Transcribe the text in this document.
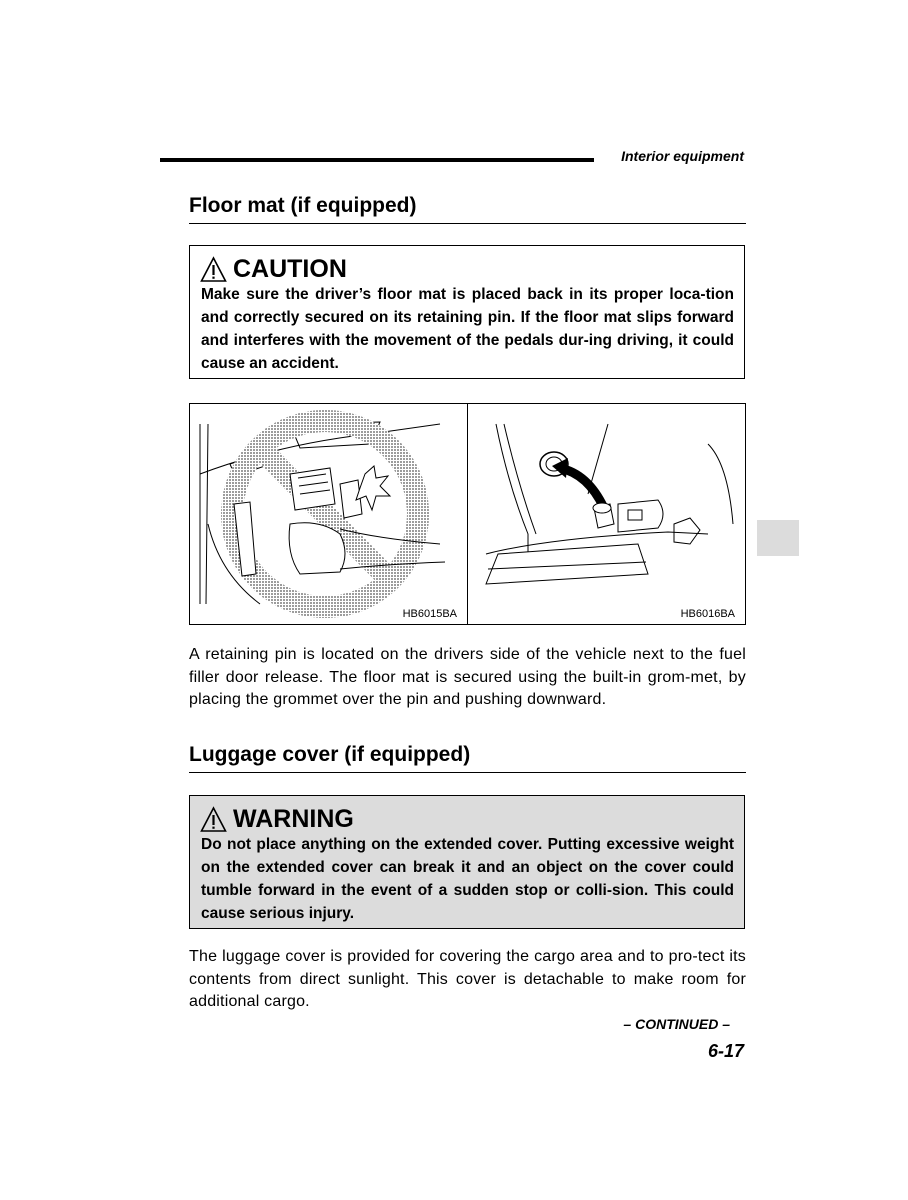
Interior equipment
Floor mat (if equipped)
CAUTION
Make sure the driver’s floor mat is placed back in its proper loca-tion and correctly secured on its retaining pin. If the floor mat slips forward and interferes with the movement of the pedals dur-ing driving, it could cause an accident.
HB6015BA	HB6016BA
A retaining pin is located on the drivers side of the vehicle next to the fuel filler door release. The floor mat is secured using the built-in grom-met, by placing the grommet over the pin and pushing downward.
Luggage cover (if equipped)
WARNING
Do not place anything on the extended cover. Putting excessive weight on the extended cover can break it and an object on the cover could tumble forward in the event of a sudden stop or colli-sion. This could cause serious injury.
The luggage cover is provided for covering the cargo area and to pro-tect its contents from direct sunlight. This cover is detachable to make room for additional cargo.
– CONTINUED –
6-17
